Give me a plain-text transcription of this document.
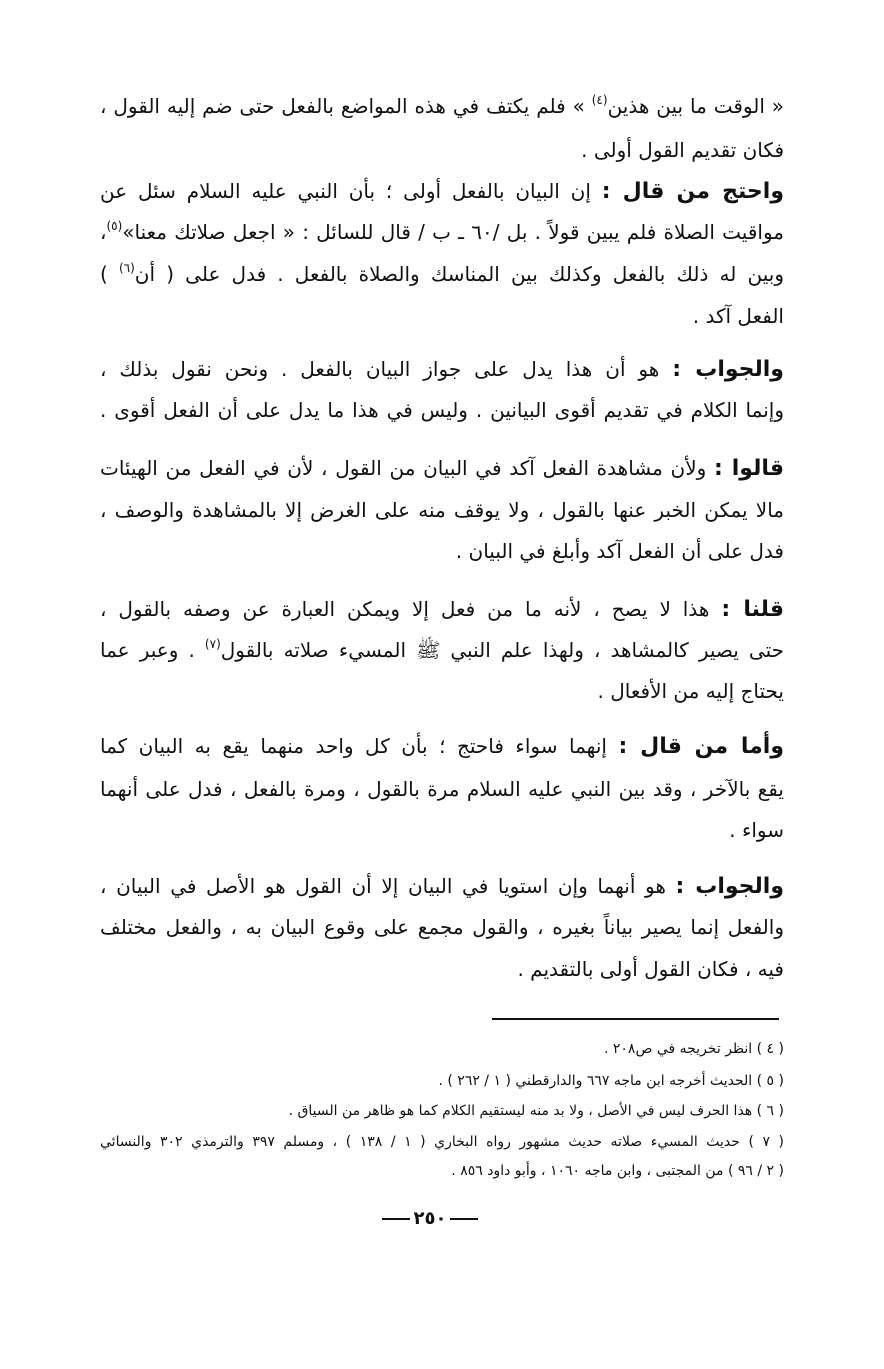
« الوقت ما بين هذين$^{(٤)}$ » فلم يكتف في هذه المواضع بالفعل حتى ضم إليه القول ،
فكان تقديم القول أولى .
واحتج من قال : إن البيان بالفعل أولى ؛ بأن النبي عليه السلام سئل عن
مواقيت الصلاة فلم يبين قولاً . بل /٦٠ ـ ب / قال للسائل : « اجعل صلاتك معنا»$^{(٥)}$،
وبين له ذلك بالفعل وكذلك بين المناسك والصلاة بالفعل . فدل على ( أن$^{(٦)}$ )
الفعل آكد .
والجواب : هو أن هذا يدل على جواز البيان بالفعل . ونحن نقول بذلك ،
وإنما الكلام في تقديم أقوى البيانين . وليس في هذا ما يدل على أن الفعل أقوى .
قالوا : ولأن مشاهدة الفعل آكد في البيان من القول ، لأن في الفعل من الهيئات
مالا يمكن الخبر عنها بالقول ، ولا يوقف منه على الغرض إلا بالمشاهدة والوصف ،
فدل على أن الفعل آكد وأبلغ في البيان .
قلنا : هذا لا يصح ، لأنه ما من فعل إلا ويمكن العبارة عن وصفه بالقول ،
حتى يصير كالمشاهد ، ولهذا علم النبي ﷺ المسيء صلاته بالقول$^{(٧)}$ . وعبر عما
يحتاج إليه من الأفعال .
وأما من قال : إنهما سواء فاحتج ؛ بأن كل واحد منهما يقع به البيان كما
يقع بالآخر ، وقد بين النبي عليه السلام مرة بالقول ، ومرة بالفعل ، فدل على أنهما
سواء .
والجواب : هو أنهما وإن استويا في البيان إلا أن القول هو الأصل في البيان ،
والفعل إنما يصير بياناً بغيره ، والقول مجمع على وقوع البيان به ، والفعل مختلف
فيه ، فكان القول أولى بالتقديم .
( ٤ ) انظر تخريجه في ص٢٠٨ .
( ٥ ) الحديث أخرجه ابن ماجه ٦٦٧ والدارقطني ( ١ / ٢٦٢ ) .
( ٦ ) هذا الحرف ليس في الأصل ، ولا بد منه ليستقيم الكلام كما هو ظاهر من السياق .
( ٧ ) حديث المسيء صلاته حديث مشهور رواه البخاري ( ١ / ١٣٨ ) ، ومسلم ٣٩٧ والترمذي ٣٠٢ والنسائي
( ٢ / ٩٦ ) من المجتبى ، وابن ماجه ١٠٦٠ ، وأبو داود ٨٥٦ .
٢٥٠
